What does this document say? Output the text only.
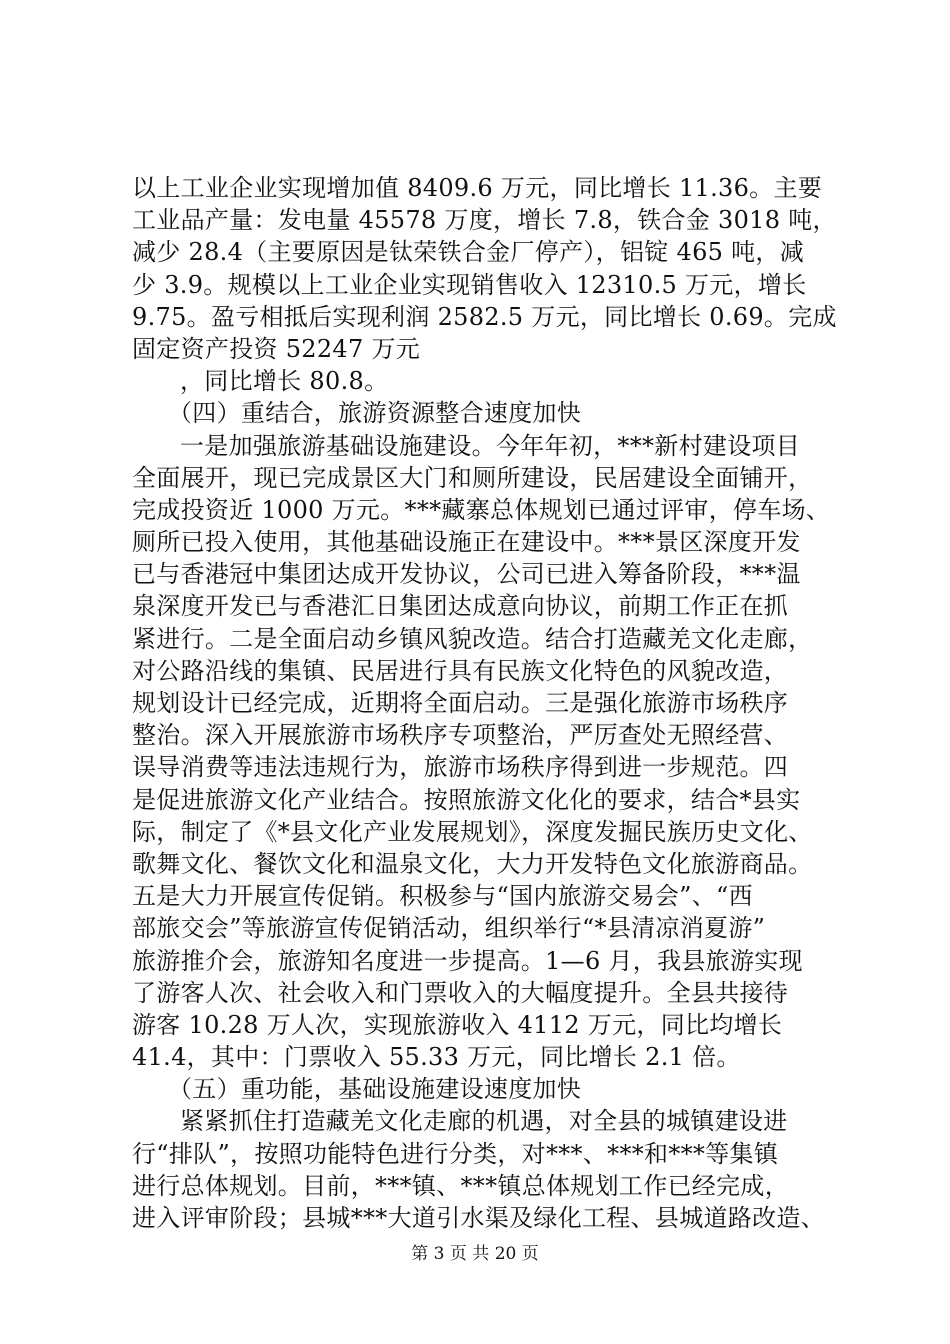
以上工业企业实现增加值 8409.6 万元，同比增长 11.36。主要
工业品产量：发电量 45578 万度，增长 7.8，铁合金 3018 吨，
减少 28.4（主要原因是钛荣铁合金厂停产），铝锭 465 吨，减
少 3.9。规模以上工业企业实现销售收入 12310.5 万元，增长
9.75。盈亏相抵后实现利润 2582.5 万元，同比增长 0.69。完成
固定资产投资 52247 万元
，同比增长 80.8。
（四）重结合，旅游资源整合速度加快
一是加强旅游基础设施建设。今年年初，***新村建设项目
全面展开，现已完成景区大门和厕所建设，民居建设全面铺开，
完成投资近 1000 万元。***藏寨总体规划已通过评审，停车场、
厕所已投入使用，其他基础设施正在建设中。***景区深度开发
已与香港冠中集团达成开发协议，公司已进入筹备阶段，***温
泉深度开发已与香港汇日集团达成意向协议，前期工作正在抓
紧进行。二是全面启动乡镇风貌改造。结合打造藏羌文化走廊，
对公路沿线的集镇、民居进行具有民族文化特色的风貌改造，
规划设计已经完成，近期将全面启动。三是强化旅游市场秩序
整治。深入开展旅游市场秩序专项整治，严厉查处无照经营、
误导消费等违法违规行为，旅游市场秩序得到进一步规范。四
是促进旅游文化产业结合。按照旅游文化化的要求，结合*县实
际，制定了《*县文化产业发展规划》，深度发掘民族历史文化、
歌舞文化、餐饮文化和温泉文化，大力开发特色文化旅游商品。
五是大力开展宣传促销。积极参与“国内旅游交易会”、“西
部旅交会”等旅游宣传促销活动，组织举行“*县清凉消夏游”
旅游推介会，旅游知名度进一步提高。1—6 月，我县旅游实现
了游客人次、社会收入和门票收入的大幅度提升。全县共接待
游客 10.28 万人次，实现旅游收入 4112 万元，同比均增长
41.4，其中：门票收入 55.33 万元，同比增长 2.1 倍。
（五）重功能，基础设施建设速度加快
紧紧抓住打造藏羌文化走廊的机遇，对全县的城镇建设进
行“排队”，按照功能特色进行分类，对***、***和***等集镇
进行总体规划。目前，***镇、***镇总体规划工作已经完成，
进入评审阶段；县城***大道引水渠及绿化工程、县城道路改造、
第 3 页 共 20 页
